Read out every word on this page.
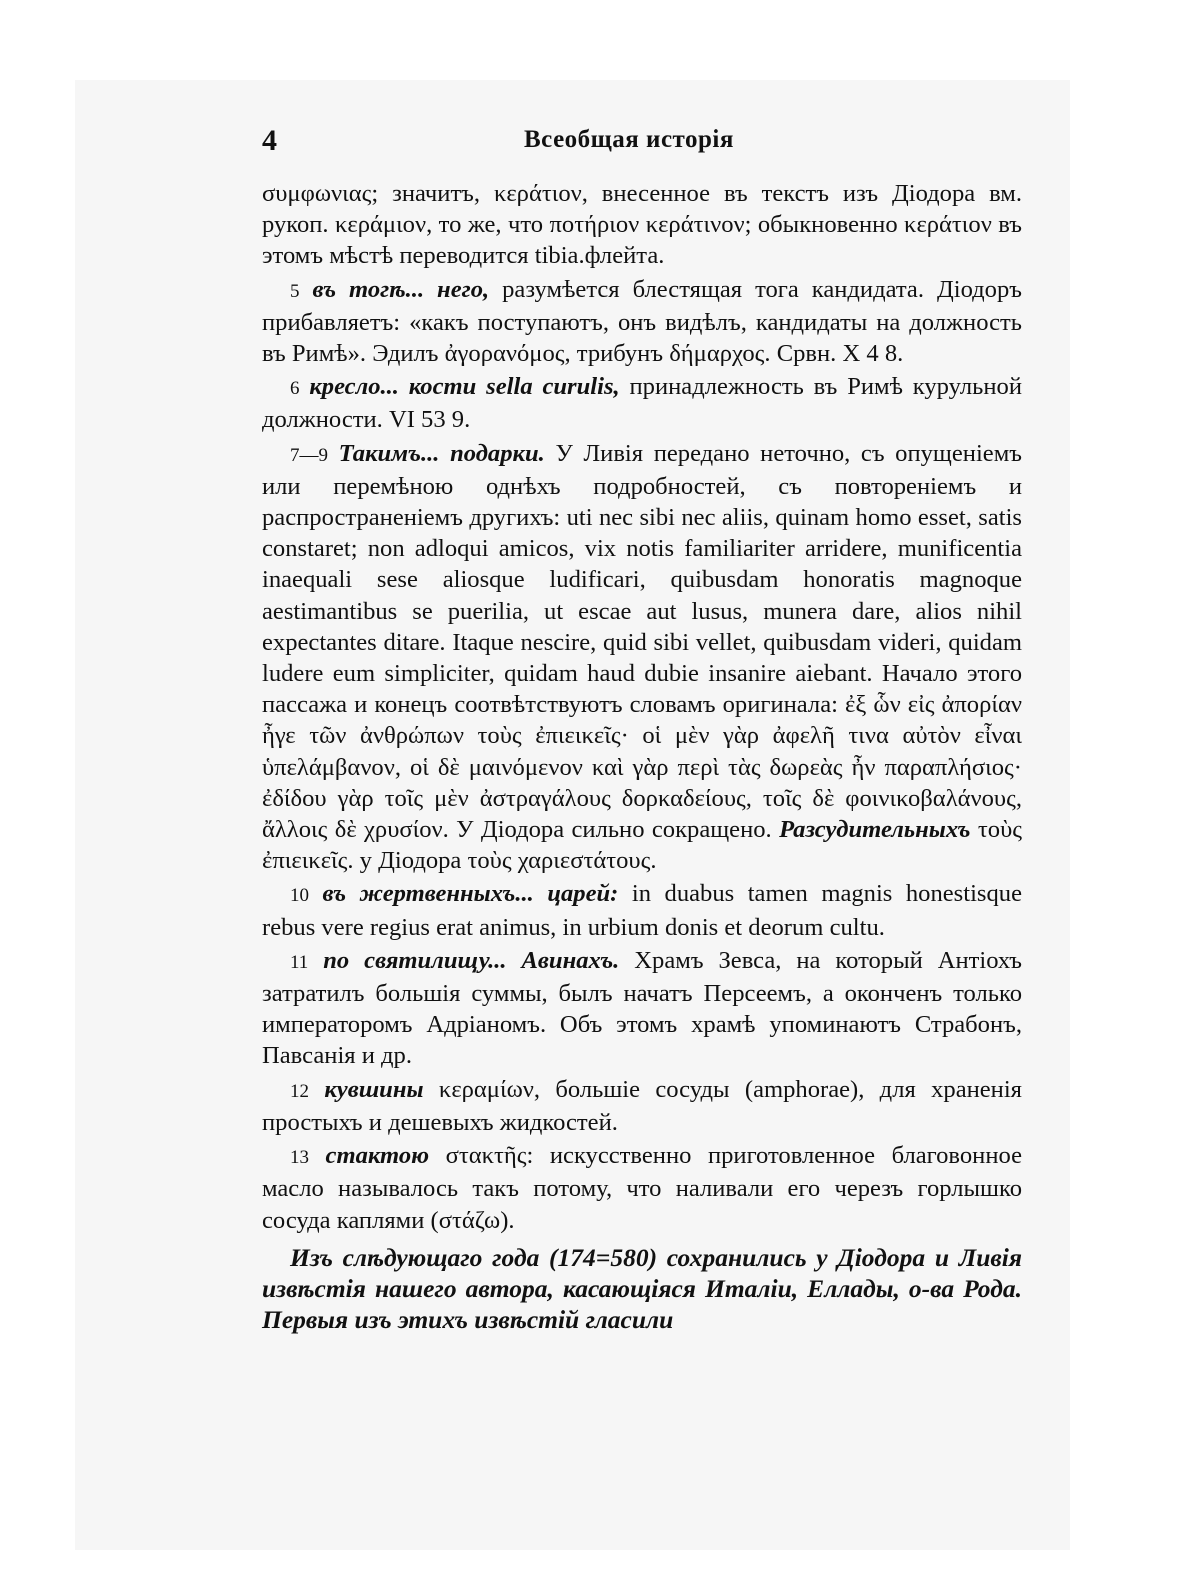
4	Всеобщая исторія

συμφωνιας; значитъ, κεράτιον, внесенное въ текстъ изъ Діодора вм. рукоп. κεράμιον, то же, что ποτήριον κεράτινον; обыкновенно κεράτιον въ этомъ мѣстѣ переводится tibia.флейта.

5 въ тогѣ... него, разумѣется блестящая тога кандидата. Діодоръ прибавляетъ: «какъ поступаютъ, онъ видѣлъ, кандидаты на должность въ Римѣ». Эдилъ ἀγορανόμος, трибунъ δήμαρχος. Срвн. X 4 8.

6 кресло... кости sella curulis, принадлежность въ Римѣ курульной должности. VI 53 9.

7—9 Такимъ... подарки. У Ливія передано неточно, съ опущеніемъ или перемѣною однѣхъ подробностей, съ повтореніемъ и распространеніемъ другихъ: uti nec sibi nec aliis, quinam homo esset, satis constaret; non adloqui amicos, vix notis familiariter arridere, munificentia inaequali sese aliosque ludificari, quibusdam honoratis magnoque aestimantibus se puerilia, ut escae aut lusus, munera dare, alios nihil expectantes ditare. Itaque nescire, quid sibi vellet, quibusdam videri, quidam ludere eum simpliciter, quidam haud dubie insanire aiebant. Начало этого пассажа и конецъ соотвѣтствуютъ словамъ оригинала: ἐξ ὧν εἰς ἀπορίαν ἦγε τῶν ἀνθρώπων τοὺς ἐπιεικεῖς· οἱ μὲν γὰρ ἀφελῆ τινα αὐτὸν εἶναι ὑπελάμβανον, οἱ δὲ μαινόμενον καὶ γὰρ περὶ τὰς δωρεὰς ἦν παραπλήσιος· ἐδίδου γὰρ τοῖς μὲν ἀστραγάλους δορκαδείους, τοῖς δὲ φοινικοβαλάνους, ἄλλοις δὲ χρυσίον. У Діодора сильно сокращено. Разсудительныхъ τοὺς ἐπιεικεῖς. у Діодора τοὺς χαριεστάτους.

10 въ жертвенныхъ... царей: in duabus tamen magnis honestisque rebus vere regius erat animus, in urbium donis et deorum cultu.

11 по святилищу... Авинахъ. Храмъ Зевса, на который Антіохъ затратилъ большія суммы, былъ начатъ Персеемъ, а оконченъ только императоромъ Адріаномъ. Объ этомъ храмѣ упоминаютъ Страбонъ, Павсанія и др.

12 кувшины κεραμίων, большіе сосуды (amphorae), для храненія простыхъ и дешевыхъ жидкостей.

13 стактою στακτῆς: искусственно приготовленное благовонное масло называлось такъ потому, что наливали его черезъ горлышко сосуда каплями (στάζω).

Изъ слѣдующаго года (174=580) сохранились у Діодора и Ливія извѣстія нашего автора, касающіяся Италіи, Еллады, о-ва Рода. Первыя изъ этихъ извѣстій гласили
